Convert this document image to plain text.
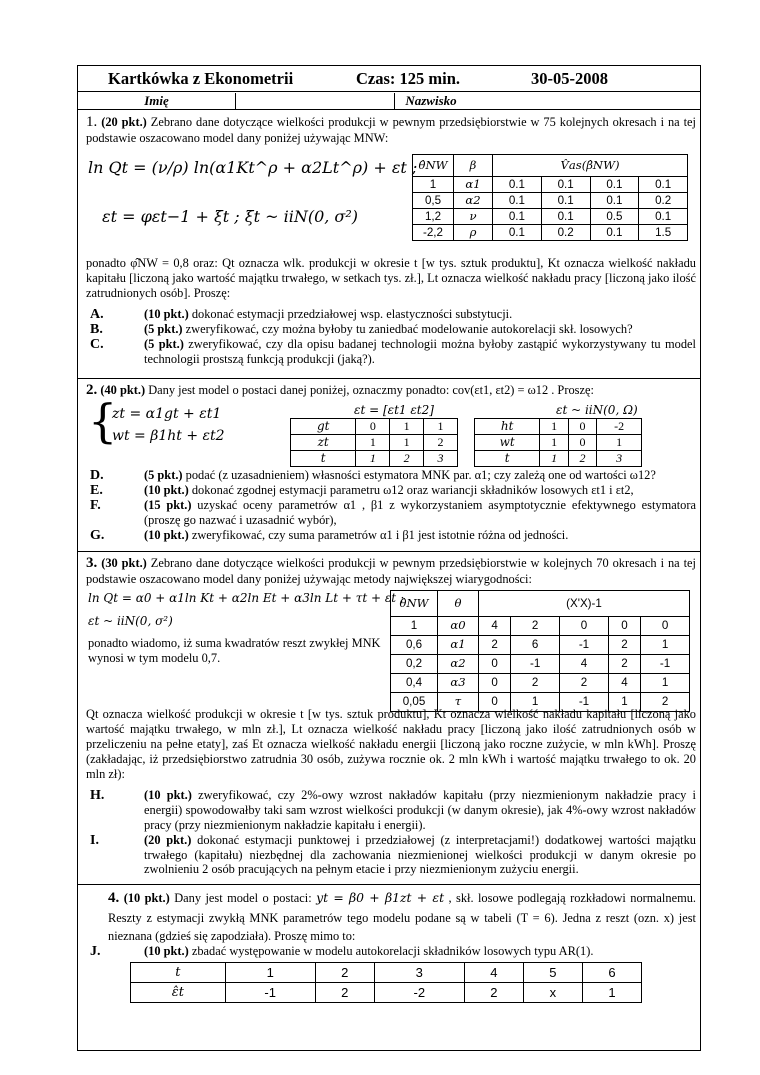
Kartkówka z Ekonometrii	Czas: 125 min.	30-05-2008
Imię	Nazwisko
1. (20 pkt.) Zebrano dane dotyczące wielkości produkcji w pewnym przedsiębiorstwie w 75 kolejnych okresach i na tej podstawie oszacowano model dany poniżej używając MNW:
ln Qt = (ν/ρ) ln(α1Kt^ρ + α2Lt^ρ) + εt ;
εt = φεt−1 + ξt ; ξt ~ iiN(0, σ²)
θ̂NW	β	V̂as(β̂NW)			
1	α1	0.1	0.1	0.1	0.1
0,5	α2	0.1	0.1	0.1	0.2
1,2	ν	0.1	0.1	0.5	0.1
-2,2	ρ	0.1	0.2	0.1	1.5
ponadto φ̂NW = 0,8 oraz: Qt oznacza wlk. produkcji w okresie t [w tys. sztuk produktu], Kt oznacza wielkość nakładu kapitału [liczoną jako wartość majątku trwałego, w setkach tys. zł.], Lt oznacza wielkość nakładu pracy [liczoną jako ilość zatrudnionych osób]. Proszę:
A.	(10 pkt.) dokonać estymacji przedziałowej wsp. elastyczności substytucji.
B.	(5 pkt.) zweryfikować, czy można byłoby tu zaniedbać modelowanie autokorelacji skł. losowych?
C.	(5 pkt.) zweryfikować, czy dla opisu badanej technologii można byłoby zastąpić wykorzystywany tu model technologii prostszą funkcją produkcji (jaką?).
2. (40 pkt.) Dany jest model o postaci danej poniżej, oznaczmy ponadto: cov(εt1, εt2) = ω12 . Proszę:
{
zt = α1gt + εt1
wt = β1ht + εt2
εt = [εt1 εt2]	εt ~ iiN(0, Ω)
gt	0	1	1
zt	1	1	2
t	1	2	3
ht	1	0	-2
wt	1	0	1
t	1	2	3
D.	(5 pkt.) podać (z uzasadnieniem) własności estymatora MNK par. α1; czy zależą one od wartości ω12?
E.	(10 pkt.) dokonać zgodnej estymacji parametru ω12 oraz wariancji składników losowych εt1 i εt2,
F.	(15 pkt.) uzyskać oceny parametrów α1 , β1 z wykorzystaniem asymptotycznie efektywnego estymatora (proszę go nazwać i uzasadnić wybór),
G.	(10 pkt.) zweryfikować, czy suma parametrów α1 i β1 jest istotnie różna od jedności.
3. (30 pkt.) Zebrano dane dotyczące wielkości produkcji w pewnym przedsiębiorstwie w kolejnych 70 okresach i na tej podstawie oszacowano model dany poniżej używając metody największej wiarygodności:
ln Qt = α0 + α1ln Kt + α2ln Et + α3ln Lt + τt + εt ;
εt ~ iiN(0, σ²)
ponadto wiadomo, iż suma kwadratów reszt zwykłej MNK wynosi w tym modelu 0,7.
θ̂NW	θ	(X'X)-1				
1	α0	4	2	0	0	0
0,6	α1	2	6	-1	2	1
0,2	α2	0	-1	4	2	-1
0,4	α3	0	2	2	4	1
0,05	τ	0	1	-1	1	2
Qt oznacza wielkość produkcji w okresie t [w tys. sztuk produktu], Kt oznacza wielkość nakładu kapitału [liczoną jako wartość majątku trwałego, w mln zł.], Lt oznacza wielkość nakładu pracy [liczoną jako ilość zatrudnionych osób w przeliczeniu na pełne etaty], zaś Et oznacza wielkość nakładu energii [liczoną jako roczne zużycie, w mln kWh]. Proszę (zakładając, iż przedsiębiorstwo zatrudnia 30 osób, zużywa rocznie ok. 2 mln kWh i wartość majątku trwałego to ok. 20 mln zł):
H.	(10 pkt.) zweryfikować, czy 2%-owy wzrost nakładów kapitału (przy niezmienionym nakładzie pracy i energii) spowodowałby taki sam wzrost wielkości produkcji (w danym okresie), jak 4%-owy wzrost nakładów pracy (przy niezmienionym nakładzie kapitału i energii).
I.	(20 pkt.) dokonać estymacji punktowej i przedziałowej (z interpretacjami!) dodatkowej wartości majątku trwałego (kapitału) niezbędnej dla zachowania niezmienionej wielkości produkcji w danym okresie po zwolnieniu 2 osób pracujących na pełnym etacie i przy niezmienionym zużyciu energii.
4. (10 pkt.) Dany jest model o postaci: yt = β0 + β1zt + εt , skł. losowe podlegają rozkładowi normalnemu. Reszty z estymacji zwykłą MNK parametrów tego modelu podane są w tabeli (T = 6). Jedna z reszt (ozn. x) jest nieznana (gdzieś się zapodziała). Proszę mimo to:
J.	(10 pkt.) zbadać występowanie w modelu autokorelacji składników losowych typu AR(1).
t	1	2	3	4	5	6
ε̂t	-1	2	-2	2	x	1
